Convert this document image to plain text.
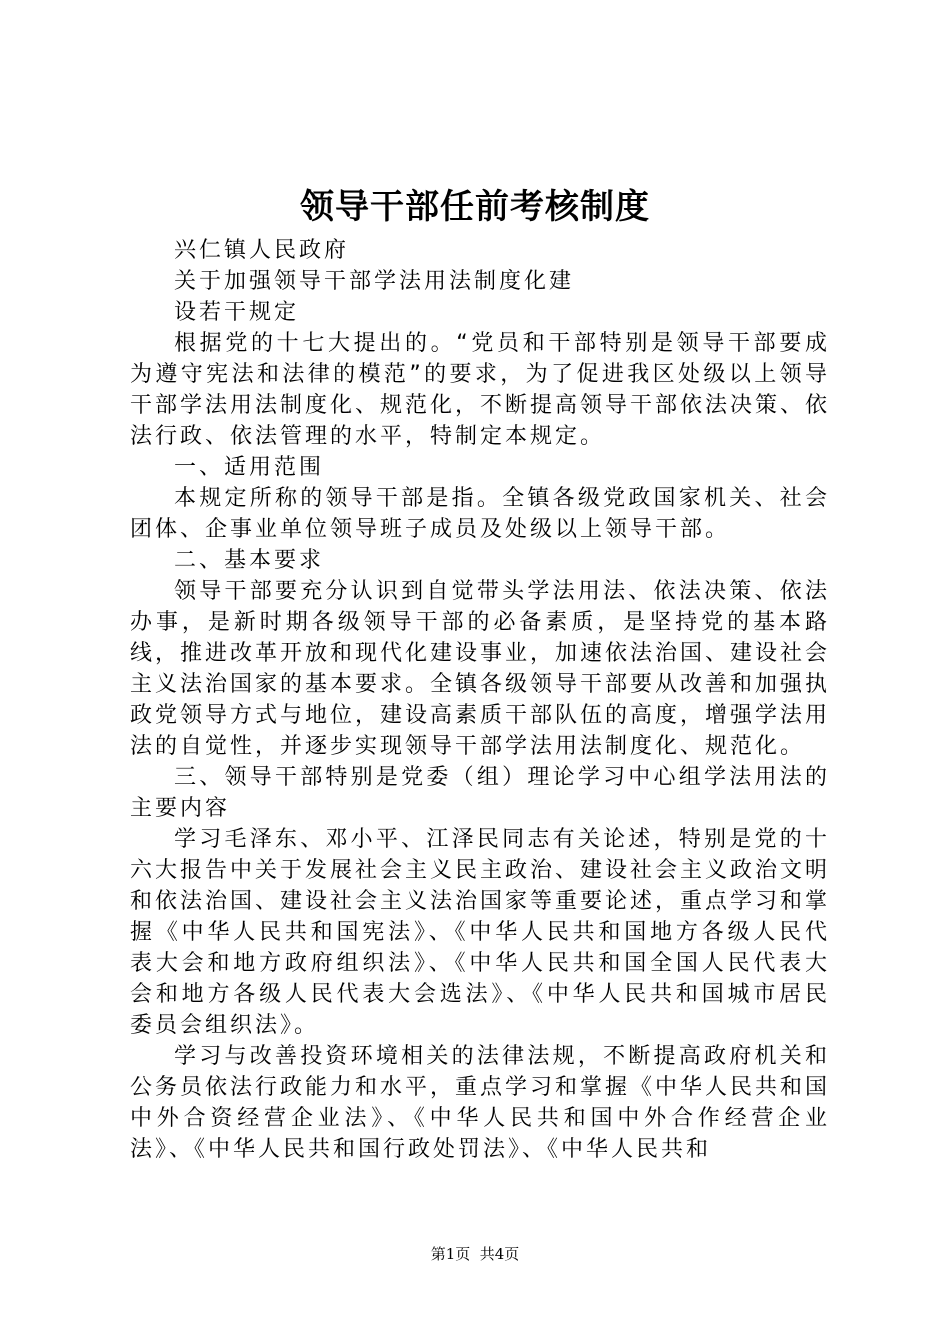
领导干部任前考核制度

兴仁镇人民政府

关于加强领导干部学法用法制度化建

设若干规定

根据党的十七大提出的。“党员和干部特别是领导干部要成为遵守宪法和法律的模范”的要求，为了促进我区处级以上领导干部学法用法制度化、规范化，不断提高领导干部依法决策、依法行政、依法管理的水平，特制定本规定。

一、适用范围

本规定所称的领导干部是指。全镇各级党政国家机关、社会团体、企事业单位领导班子成员及处级以上领导干部。

二、基本要求

领导干部要充分认识到自觉带头学法用法、依法决策、依法办事，是新时期各级领导干部的必备素质，是坚持党的基本路线，推进改革开放和现代化建设事业，加速依法治国、建设社会主义法治国家的基本要求。全镇各级领导干部要从改善和加强执政党领导方式与地位，建设高素质干部队伍的高度，增强学法用法的自觉性，并逐步实现领导干部学法用法制度化、规范化。

三、领导干部特别是党委（组）理论学习中心组学法用法的主要内容

学习毛泽东、邓小平、江泽民同志有关论述，特别是党的十六大报告中关于发展社会主义民主政治、建设社会主义政治文明和依法治国、建设社会主义法治国家等重要论述，重点学习和掌握《中华人民共和国宪法》、《中华人民共和国地方各级人民代表大会和地方政府组织法》、《中华人民共和国全国人民代表大会和地方各级人民代表大会选法》、《中华人民共和国城市居民委员会组织法》。

学习与改善投资环境相关的法律法规，不断提高政府机关和公务员依法行政能力和水平，重点学习和掌握《中华人民共和国中外合资经营企业法》、《中华人民共和国中外合作经营企业法》、《中华人民共和国行政处罚法》、《中华人民共和

第1页  共4页
